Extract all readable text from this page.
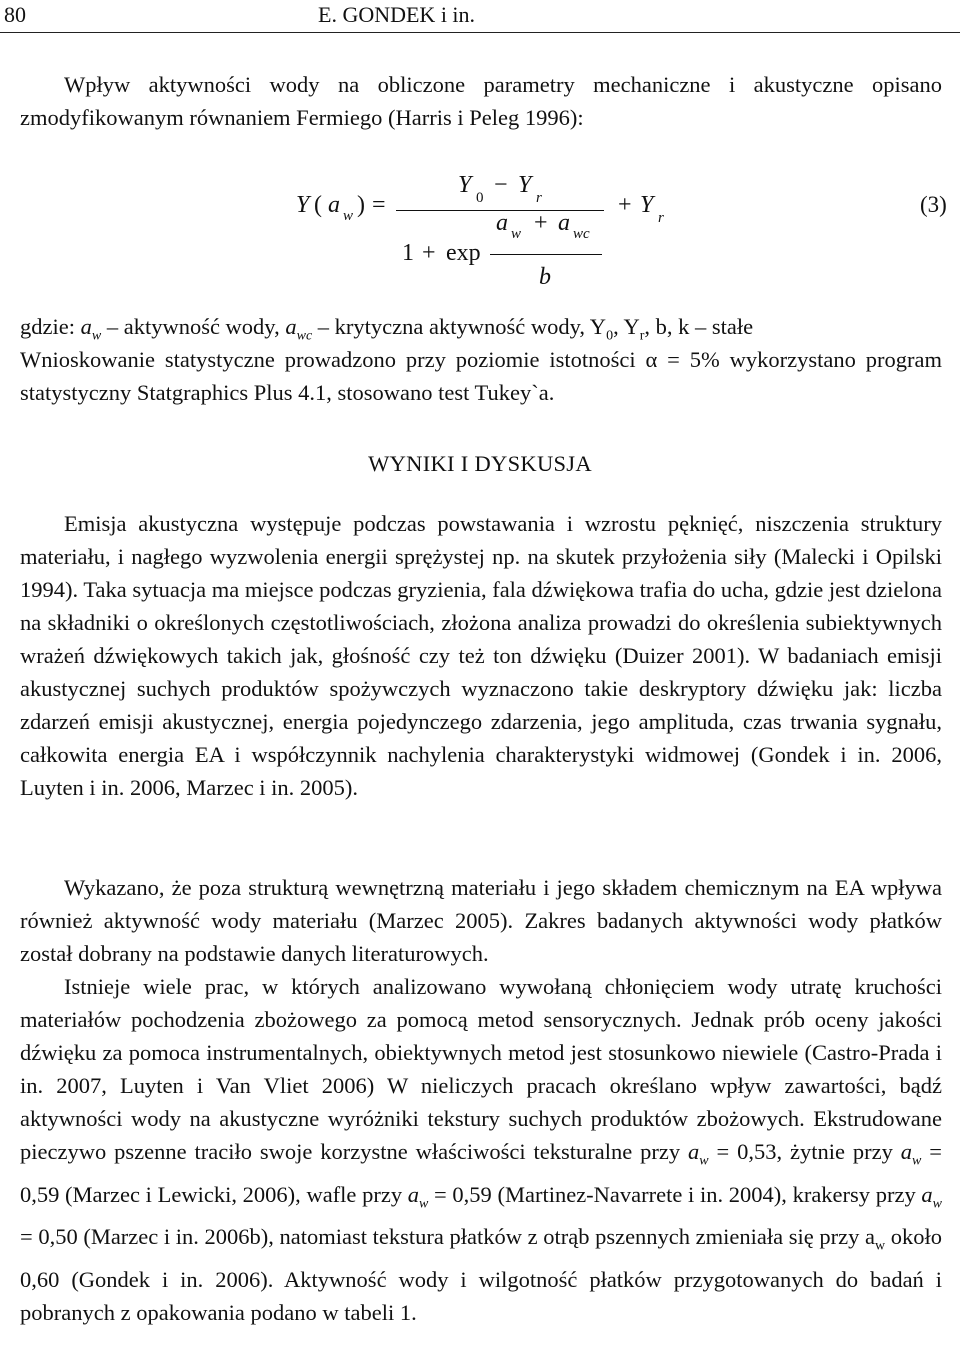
80	E. GONDEK i in.

Wpływ aktywności wody na obliczone parametry mechaniczne i akustyczne opisano zmodyfikowanym równaniem Fermiego (Harris i Peleg 1996):

Y ( a w ) =
Y 0 − Y r
a w + a wc
1 + exp
b
+ Y r
(3)

gdzie: $a_w$ – aktywność wody, $a_{wc}$ – krytyczna aktywność wody, $Y_0$, $Y_r$, b, k – stałe

Wnioskowanie statystyczne prowadzono przy poziomie istotności α = 5% wykorzystano program statystyczny Statgraphics Plus 4.1, stosowano test Tukey`a.

WYNIKI I DYSKUSJA

Emisja akustyczna występuje podczas powstawania i wzrostu pęknięć, niszczenia struktury materiału, i nagłego wyzwolenia energii sprężystej np. na skutek przyłożenia siły (Malecki i Opilski 1994). Taka sytuacja ma miejsce podczas gryzienia, fala dźwiękowa trafia do ucha, gdzie jest dzielona na składniki o określonych częstotliwościach, złożona analiza prowadzi do określenia subiektywnych wrażeń dźwiękowych takich jak, głośność czy też ton dźwięku (Duizer 2001). W badaniach emisji akustycznej suchych produktów spożywczych wyznaczono takie deskryptory dźwięku jak: liczba zdarzeń emisji akustycznej, energia pojedynczego zdarzenia, jego amplituda, czas trwania sygnału, całkowita energia EA i współczynnik nachylenia charakterystyki widmowej (Gondek i in. 2006, Luyten i in. 2006, Marzec i in. 2005).

Wykazano, że poza strukturą wewnętrzną materiału i jego składem chemicznym na EA wpływa również aktywność wody materiału (Marzec 2005). Zakres badanych aktywności wody płatków został dobrany na podstawie danych literaturowych.

Istnieje wiele prac, w których analizowano wywołaną chłonięciem wody utratę kruchości materiałów pochodzenia zbożowego za pomocą metod sensorycznych. Jednak prób oceny jakości dźwięku za pomoca instrumentalnych, obiektywnych metod jest stosunkowo niewiele (Castro-Prada i in. 2007, Luyten i Van Vliet 2006) W nieliczych pracach określano wpływ zawartości, bądź aktywności wody na akustyczne wyróżniki tekstury suchych produktów zbożowych. Ekstrudowane pieczywo pszenne traciło swoje korzystne właściwości teksturalne przy $a_w = 0,53$, żytnie przy $a_w = 0,59$ (Marzec i Lewicki, 2006), wafle przy $a_w = 0,59$ (Martinez-Navarrete i in. 2004), krakersy przy $a_w = 0,50$ (Marzec i in. 2006b), natomiast tekstura płatków z otrąb pszennych zmieniała się przy $a_w$ około 0,60 (Gondek i in. 2006). Aktywność wody i wilgotność płatków przygotowanych do badań i pobranych z opakowania podano w tabeli 1.
